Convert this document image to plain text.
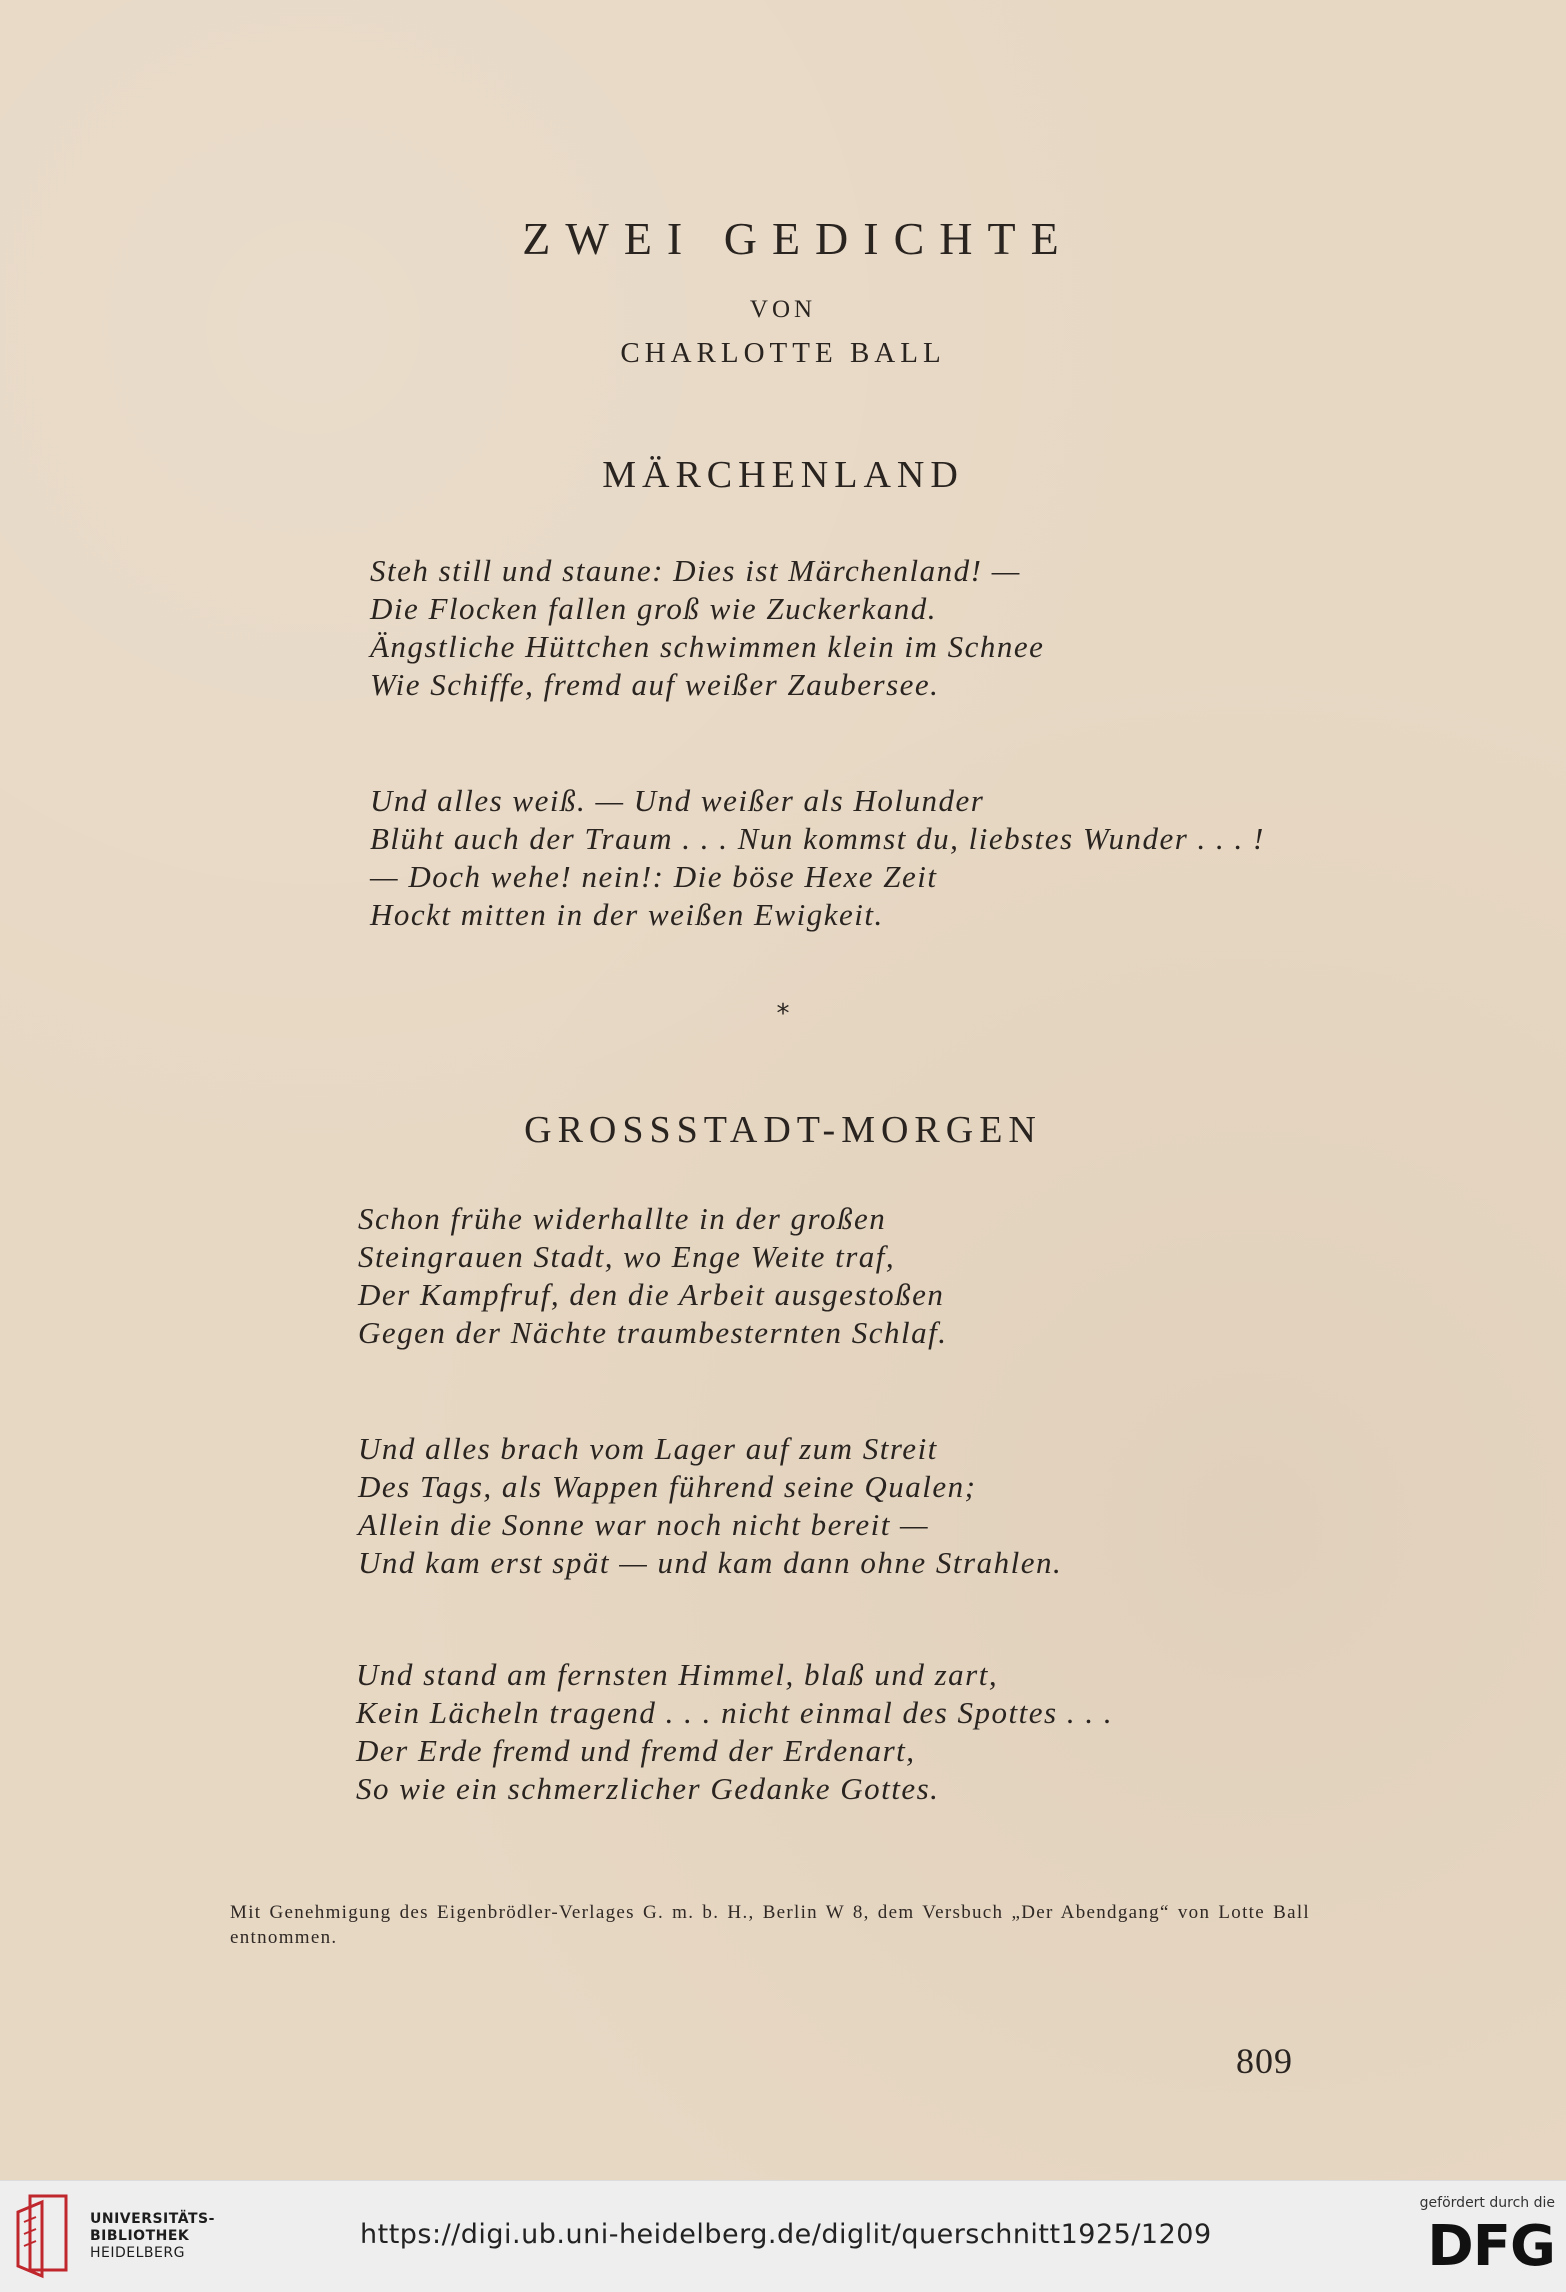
ZWEI GEDICHTE
VON
CHARLOTTE BALL
MÄRCHENLAND
Steh still und staune: Dies ist Märchenland! —
Die Flocken fallen groß wie Zuckerkand.
Ängstliche Hüttchen schwimmen klein im Schnee
Wie Schiffe, fremd auf weißer Zaubersee.
Und alles weiß. — Und weißer als Holunder
Blüht auch der Traum . . . Nun kommst du, liebstes Wunder . . . !
— Doch wehe! nein!: Die böse Hexe Zeit
Hockt mitten in der weißen Ewigkeit.
*
GROSSSTADT-MORGEN
Schon frühe widerhallte in der großen
Steingrauen Stadt, wo Enge Weite traf,
Der Kampfruf, den die Arbeit ausgestoßen
Gegen der Nächte traumbesternten Schlaf.
Und alles brach vom Lager auf zum Streit
Des Tags, als Wappen führend seine Qualen;
Allein die Sonne war noch nicht bereit —
Und kam erst spät — und kam dann ohne Strahlen.
Und stand am fernsten Himmel, blaß und zart,
Kein Lächeln tragend . . . nicht einmal des Spottes . . .
Der Erde fremd und fremd der Erdenart,
So wie ein schmerzlicher Gedanke Gottes.

Mit Genehmigung des Eigenbrödler-Verlages G. m. b. H., Berlin W 8, dem Versbuch „Der Abendgang“ von Lotte Ball entnommen.

809
UNIVERSITÄTS-
BIBLIOTHEK
HEIDELBERG
https://digi.ub.uni-heidelberg.de/diglit/querschnitt1925/1209
gefördert durch die
DFG
